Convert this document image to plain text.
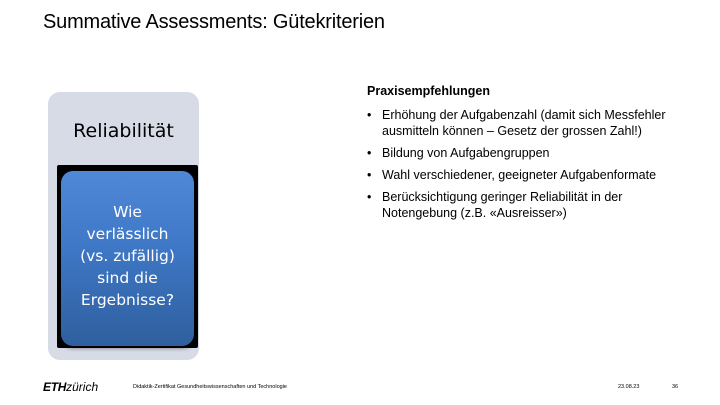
Summative Assessments: Gütekriterien
Reliabilität
Wie
verlässlich
(vs. zufällig)
sind die
Ergebnisse?
Praxisempfehlungen
• Erhöhung der Aufgabenzahl (damit sich Messfehler ausmitteln können – Gesetz der grossen Zahl!)
• Bildung von Aufgabengruppen
• Wahl verschiedener, geeigneter Aufgabenformate
• Berücksichtigung geringer Reliabilität in der Notengebung (z.B. «Ausreisser»)
ETHzürich	Didaktik-Zertifikat Gesundheitswissenschaften und Technologie	23.08.23	36
